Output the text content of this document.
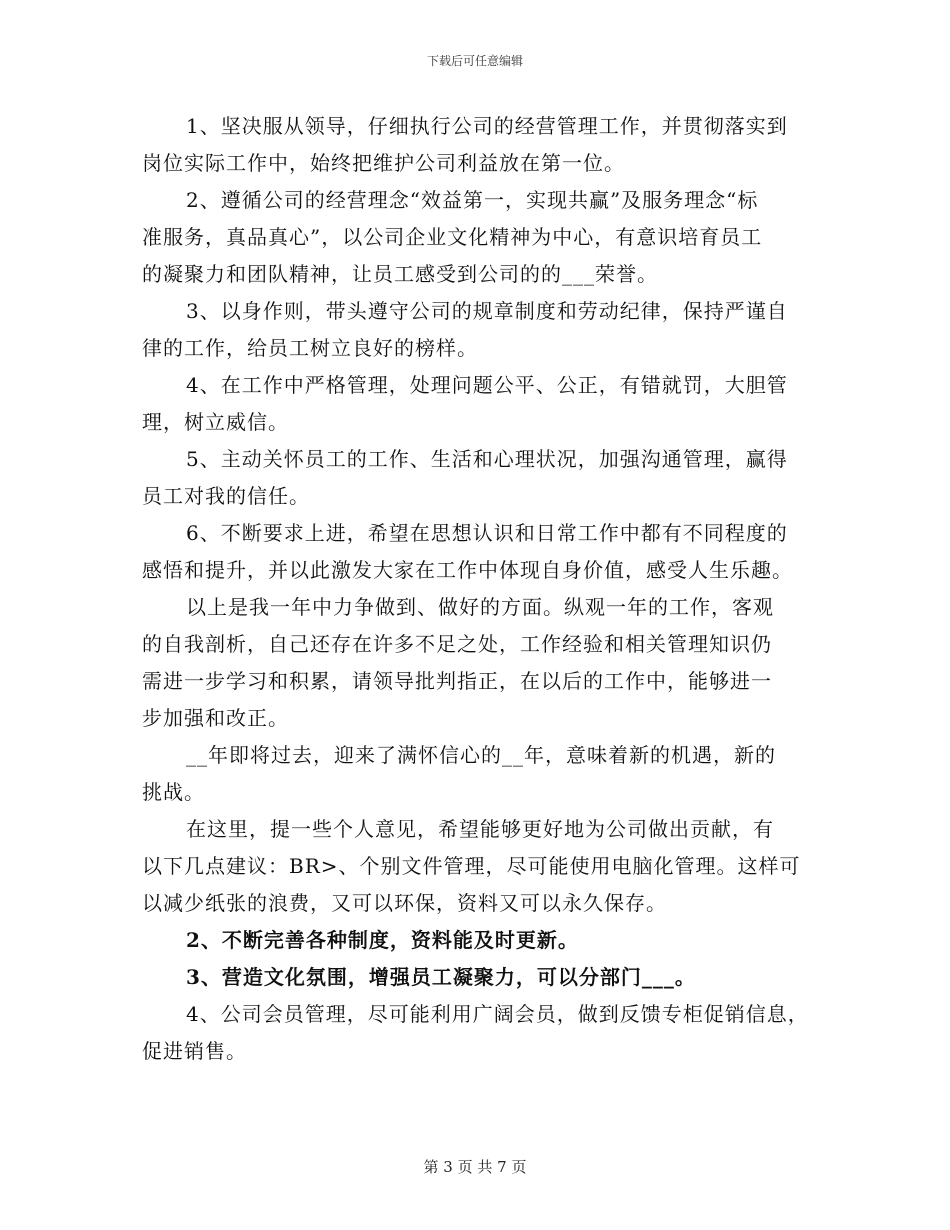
下载后可任意编辑

1、坚决服从领导，仔细执行公司的经营管理工作，并贯彻落实到
岗位实际工作中，始终把维护公司利益放在第一位。

2、遵循公司的经营理念“效益第一，实现共赢”及服务理念“标
准服务，真品真心”，以公司企业文化精神为中心，有意识培育员工
的凝聚力和团队精神，让员工感受到公司的的___荣誉。

3、以身作则，带头遵守公司的规章制度和劳动纪律，保持严谨自
律的工作，给员工树立良好的榜样。

4、在工作中严格管理，处理问题公平、公正，有错就罚，大胆管
理，树立威信。

5、主动关怀员工的工作、生活和心理状况，加强沟通管理，赢得
员工对我的信任。

6、不断要求上进，希望在思想认识和日常工作中都有不同程度的
感悟和提升，并以此激发大家在工作中体现自身价值，感受人生乐趣。

以上是我一年中力争做到、做好的方面。纵观一年的工作，客观
的自我剖析，自己还存在许多不足之处，工作经验和相关管理知识仍
需进一步学习和积累，请领导批判指正，在以后的工作中，能够进一
步加强和改正。

__年即将过去，迎来了满怀信心的__年，意味着新的机遇，新的
挑战。

在这里，提一些个人意见，希望能够更好地为公司做出贡献，有
以下几点建议：BR>、个别文件管理，尽可能使用电脑化管理。这样可
以减少纸张的浪费，又可以环保，资料又可以永久保存。

2、不断完善各种制度，资料能及时更新。

3、营造文化氛围，增强员工凝聚力，可以分部门___。

4、公司会员管理，尽可能利用广阔会员，做到反馈专柜促销信息，
促进销售。

第 3 页 共 7 页
